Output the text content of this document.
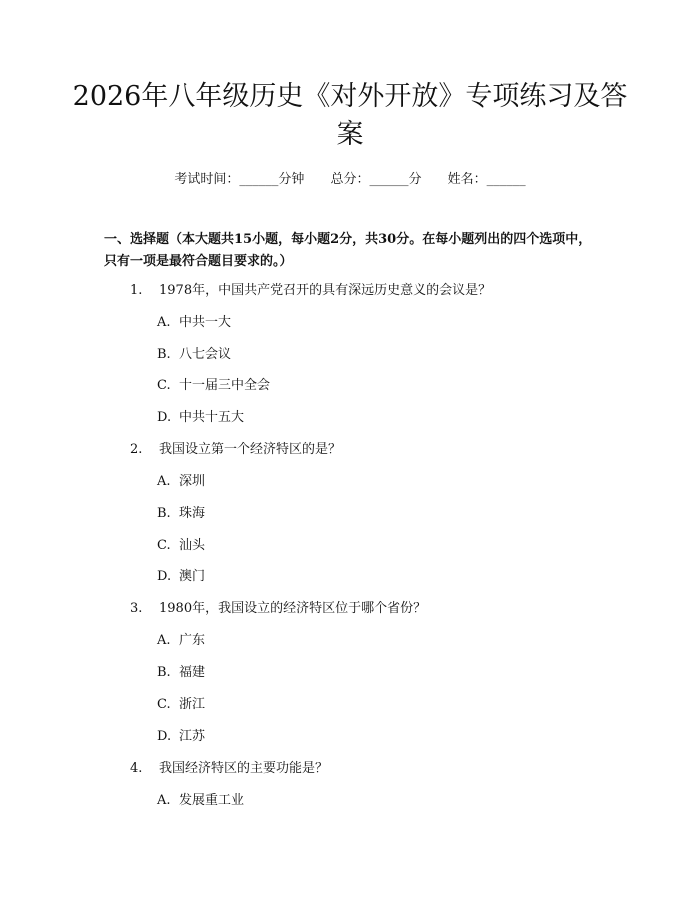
2026年八年级历史《对外开放》专项练习及答案
考试时间：______分钟 总分：______分 姓名：______
一、选择题（本大题共15小题，每小题2分，共30分。在每小题列出的四个选项中，只有一项是最符合题目要求的。）
1. 1978年，中国共产党召开的具有深远历史意义的会议是？
A. 中共一大
B. 八七会议
C. 十一届三中全会
D. 中共十五大
2. 我国设立第一个经济特区的是？
A. 深圳
B. 珠海
C. 汕头
D. 澳门
3. 1980年，我国设立的经济特区位于哪个省份？
A. 广东
B. 福建
C. 浙江
D. 江苏
4. 我国经济特区的主要功能是？
A. 发展重工业
